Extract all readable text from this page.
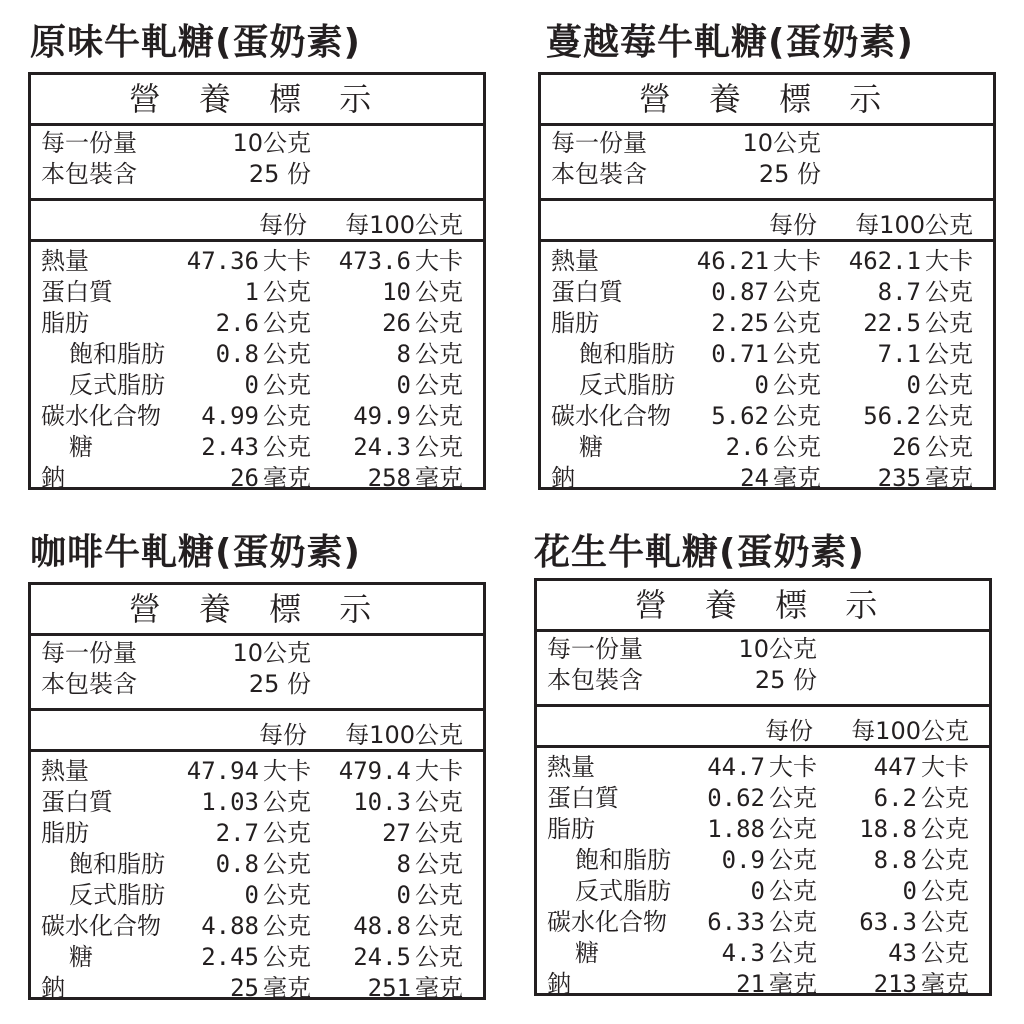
原味牛軋糖(蛋奶素)	蔓越莓牛軋糖(蛋奶素)
咖啡牛軋糖(蛋奶素)	花生牛軋糖(蛋奶素)
營 養 標 示
每一份量	10公克
本包裝含	25 份
每份 每100公克
熱量	47.36 大卡 473.6 大卡
蛋白質	1 公克	10 公克
脂肪	2.6 公克	26 公克
飽和脂肪 0.8 公克	8 公克
反式脂肪	0 公克	0 公克
碳水化合物 4.99 公克 49.9 公克
糖	2.43 公克 24.3 公克
鈉	26 毫克 258 毫克
營 養 標 示
每一份量	10公克
本包裝含	25 份
每份 每100公克
熱量	46.21 大卡 462.1 大卡
蛋白質	0.87 公克 8.7 公克
脂肪	2.25 公克 22.5 公克
飽和脂肪 0.71 公克 7.1 公克
反式脂肪	0 公克	0 公克
碳水化合物 5.62 公克 56.2 公克
糖	2.6 公克	26 公克
鈉	24 毫克 235 毫克
營 養 標 示
每一份量	10公克
本包裝含	25 份
每份 每100公克
熱量	47.94 大卡 479.4 大卡
蛋白質	1.03 公克 10.3 公克
脂肪	2.7 公克	27 公克
飽和脂肪 0.8 公克	8 公克
反式脂肪	0 公克	0 公克
碳水化合物 4.88 公克 48.8 公克
糖	2.45 公克 24.5 公克
鈉	25 毫克 251 毫克
營 養 標 示
每一份量	10公克
本包裝含	25 份
每份 每100公克
熱量	44.7 大卡 447 大卡
蛋白質	0.62 公克 6.2 公克
脂肪	1.88 公克 18.8 公克
飽和脂肪 0.9 公克 8.8 公克
反式脂肪	0 公克	0 公克
碳水化合物 6.33 公克 63.3 公克
糖	4.3 公克	43 公克
鈉	21 毫克 213 毫克
